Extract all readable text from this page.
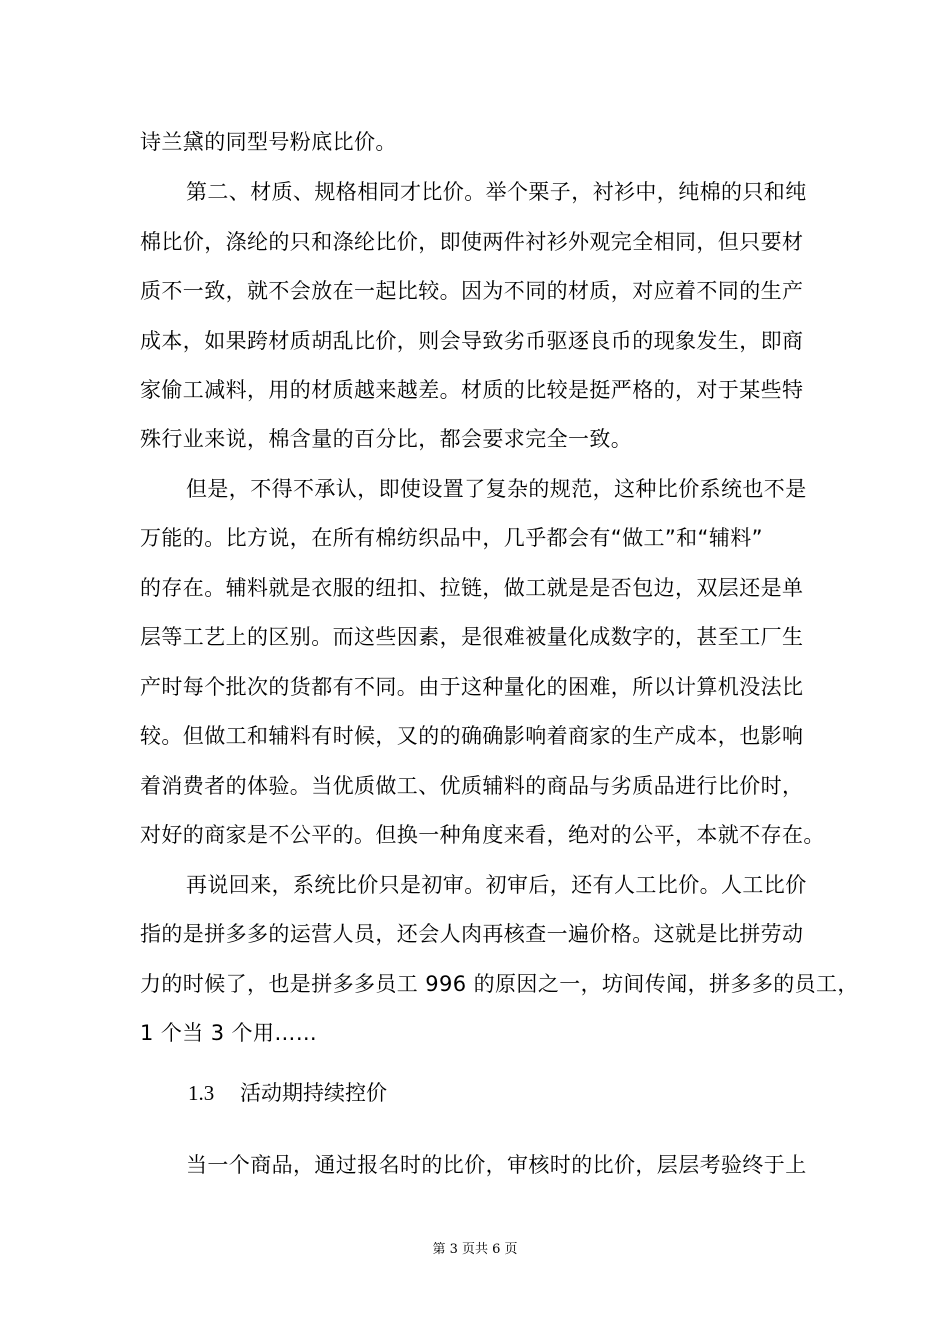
诗兰黛的同型号粉底比价。
第二、材质、规格相同才比价。举个栗子，衬衫中，纯棉的只和纯
棉比价，涤纶的只和涤纶比价，即使两件衬衫外观完全相同，但只要材
质不一致，就不会放在一起比较。因为不同的材质，对应着不同的生产
成本，如果跨材质胡乱比价，则会导致劣币驱逐良币的现象发生，即商
家偷工减料，用的材质越来越差。材质的比较是挺严格的，对于某些特
殊行业来说，棉含量的百分比，都会要求完全一致。
但是，不得不承认，即使设置了复杂的规范，这种比价系统也不是
万能的。比方说，在所有棉纺织品中，几乎都会有“做工”和“辅料”
的存在。辅料就是衣服的纽扣、拉链，做工就是是否包边，双层还是单
层等工艺上的区别。而这些因素，是很难被量化成数字的，甚至工厂生
产时每个批次的货都有不同。由于这种量化的困难，所以计算机没法比
较。但做工和辅料有时候，又的的确确影响着商家的生产成本，也影响
着消费者的体验。当优质做工、优质辅料的商品与劣质品进行比价时，
对好的商家是不公平的。但换一种角度来看，绝对的公平，本就不存在。
再说回来，系统比价只是初审。初审后，还有人工比价。人工比价
指的是拼多多的运营人员，还会人肉再核查一遍价格。这就是比拼劳动
力的时候了，也是拼多多员工 996 的原因之一，坊间传闻，拼多多的员工，
1 个当 3 个用……
1.3 活动期持续控价
当一个商品，通过报名时的比价，审核时的比价，层层考验终于上
第 3 页共 6 页
